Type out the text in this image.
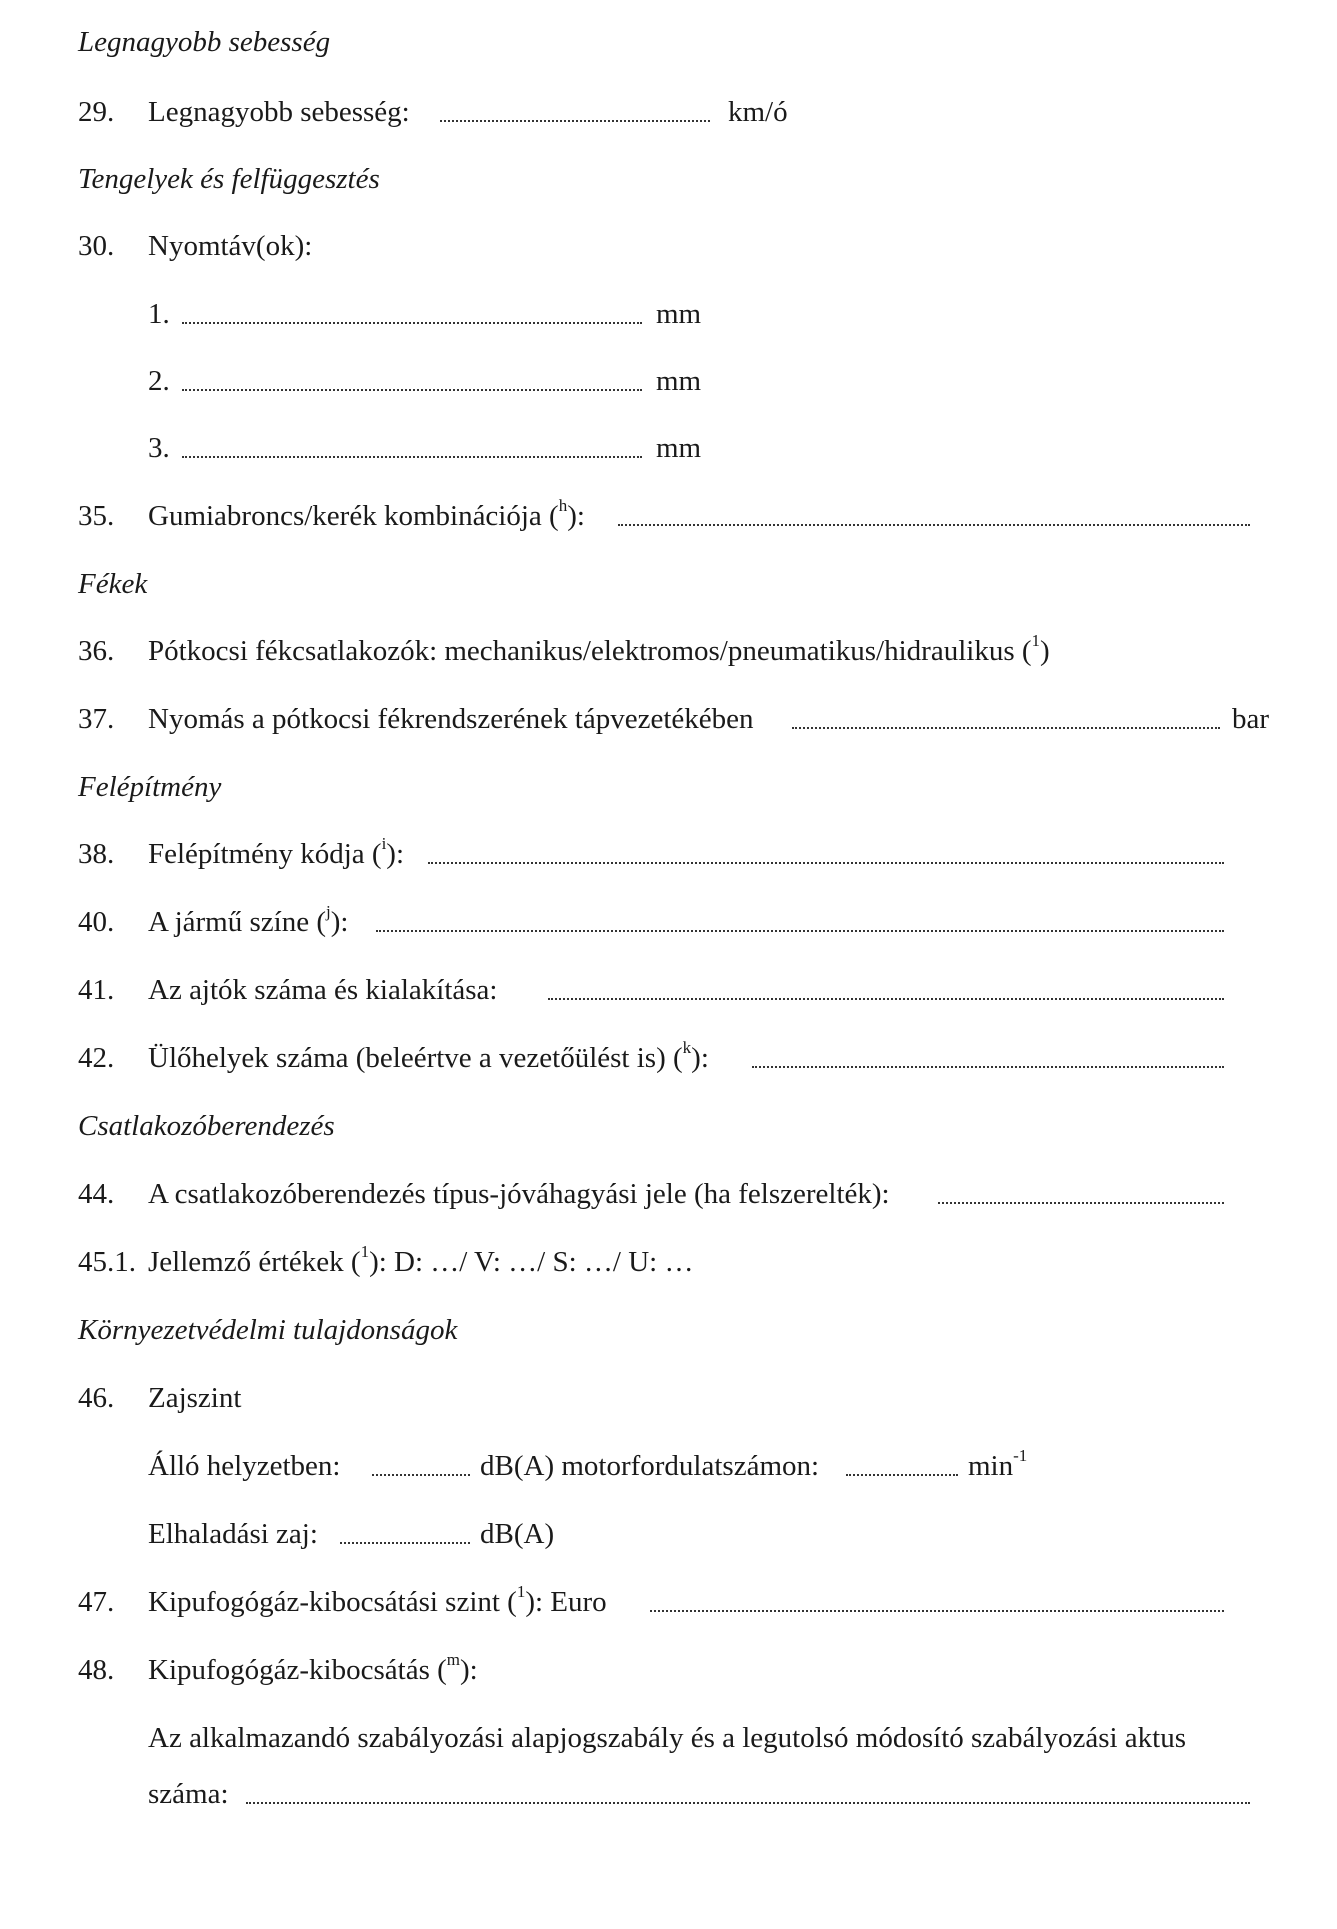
Legnagyobb sebesség
29. Legnagyobb sebesség:	km/ó
Tengelyek és felfüggesztés
30. Nyomtáv(ok):
1.	mm
2.	mm
3.	mm
35. Gumiabroncs/kerék kombinációja ($^h$):
Fékek
36. Pótkocsi fékcsatlakozók: mechanikus/elektromos/pneumatikus/hidraulikus ($^1$)
37. Nyomás a pótkocsi fékrendszerének tápvezetékében	bar
Felépítmény
38. Felépítmény kódja ($^i$):
40. A jármű színe ($^j$):
41. Az ajtók száma és kialakítása:
42. Ülőhelyek száma (beleértve a vezetőülést is) ($^k$):
Csatlakozóberendezés
44. A csatlakozóberendezés típus-jóváhagyási jele (ha felszerelték):
45.1. Jellemző értékek ($^1$): D: …/ V: …/ S: …/ U: …
Környezetvédelmi tulajdonságok
46. Zajszint
Álló helyzetben:	dB(A) motorfordulatszámon:	$\min^{-1}$
Elhaladási zaj:	dB(A)
47. Kipufogógáz-kibocsátási szint ($^1$): Euro
48. Kipufogógáz-kibocsátás ($^m$):
Az alkalmazandó szabályozási alapjogszabály és a legutolsó módosító szabályozási aktus
száma:
